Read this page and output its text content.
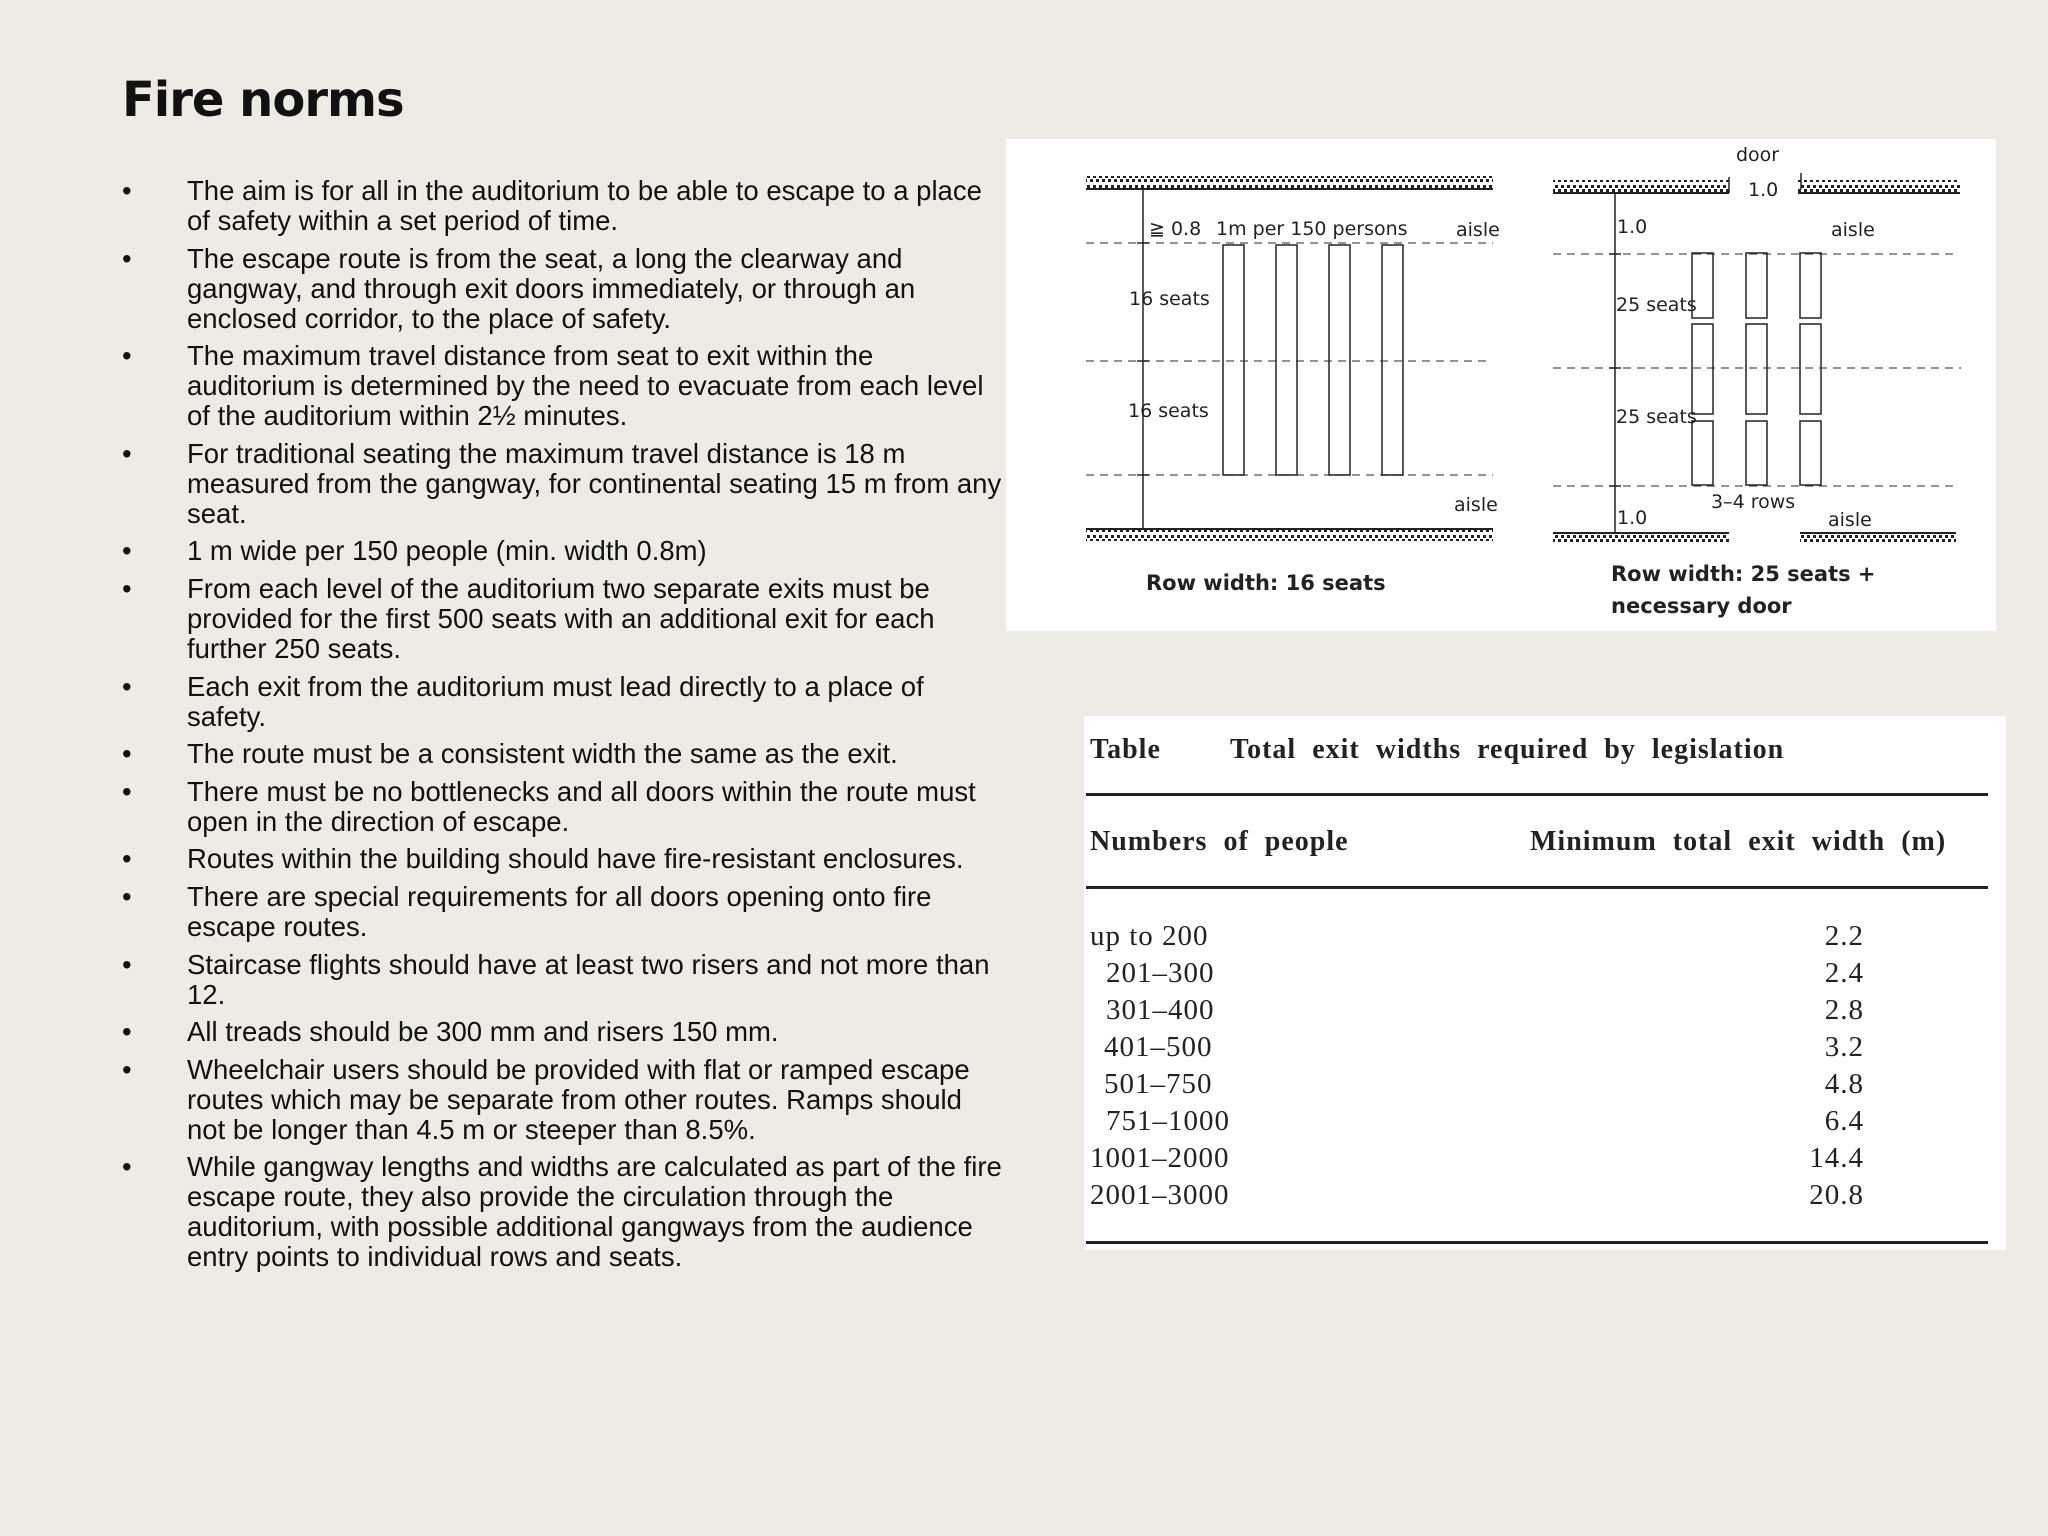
Fire norms
• The aim is for all in the auditorium to be able to escape to a place of safety within a set period of time.
• The escape route is from the seat, a long the clearway and gangway, and through exit doors immediately, or through an enclosed corridor, to the place of safety.
• The maximum travel distance from seat to exit within the auditorium is determined by the need to evacuate from each level of the auditorium within 2½ minutes.
• For traditional seating the maximum travel distance is 18 m measured from the gangway, for continental seating 15 m from any seat.
• 1 m wide per 150 people (min. width 0.8m)
• From each level of the auditorium two separate exits must be provided for the first 500 seats with an additional exit for each further 250 seats.
• Each exit from the auditorium must lead directly to a place of safety.
• The route must be a consistent width the same as the exit.
• There must be no bottlenecks and all doors within the route must open in the direction of escape.
• Routes within the building should have fire-resistant enclosures.
• There are special requirements for all doors opening onto fire escape routes.
• Staircase flights should have at least two risers and not more than 12.
• All treads should be 300 mm and risers 150 mm.
• Wheelchair users should be provided with flat or ramped escape routes which may be separate from other routes. Ramps should not be longer than 4.5 m or steeper than 8.5%.
• While gangway lengths and widths are calculated as part of the fire escape route, they also provide the circulation through the auditorium, with possible additional gangways from the audience entry points to individual rows and seats.
≧ 0.8 1m per 150 persons	aisle
16 seats
16 seats
aisle
Row width: 16 seats
door
1.0
1.0	aisle
25 seats
25 seats
3–4 rows
1.0	aisle
Row width: 25 seats +
necessary door
Table Total exit widths required by legislation
Numbers of people	Minimum total exit width (m)
up to 200	2.2
201–300	2.4
301–400	2.8
401–500	3.2
501–750	4.8
751–1000	6.4
1001–2000	14.4
2001–3000	20.8
